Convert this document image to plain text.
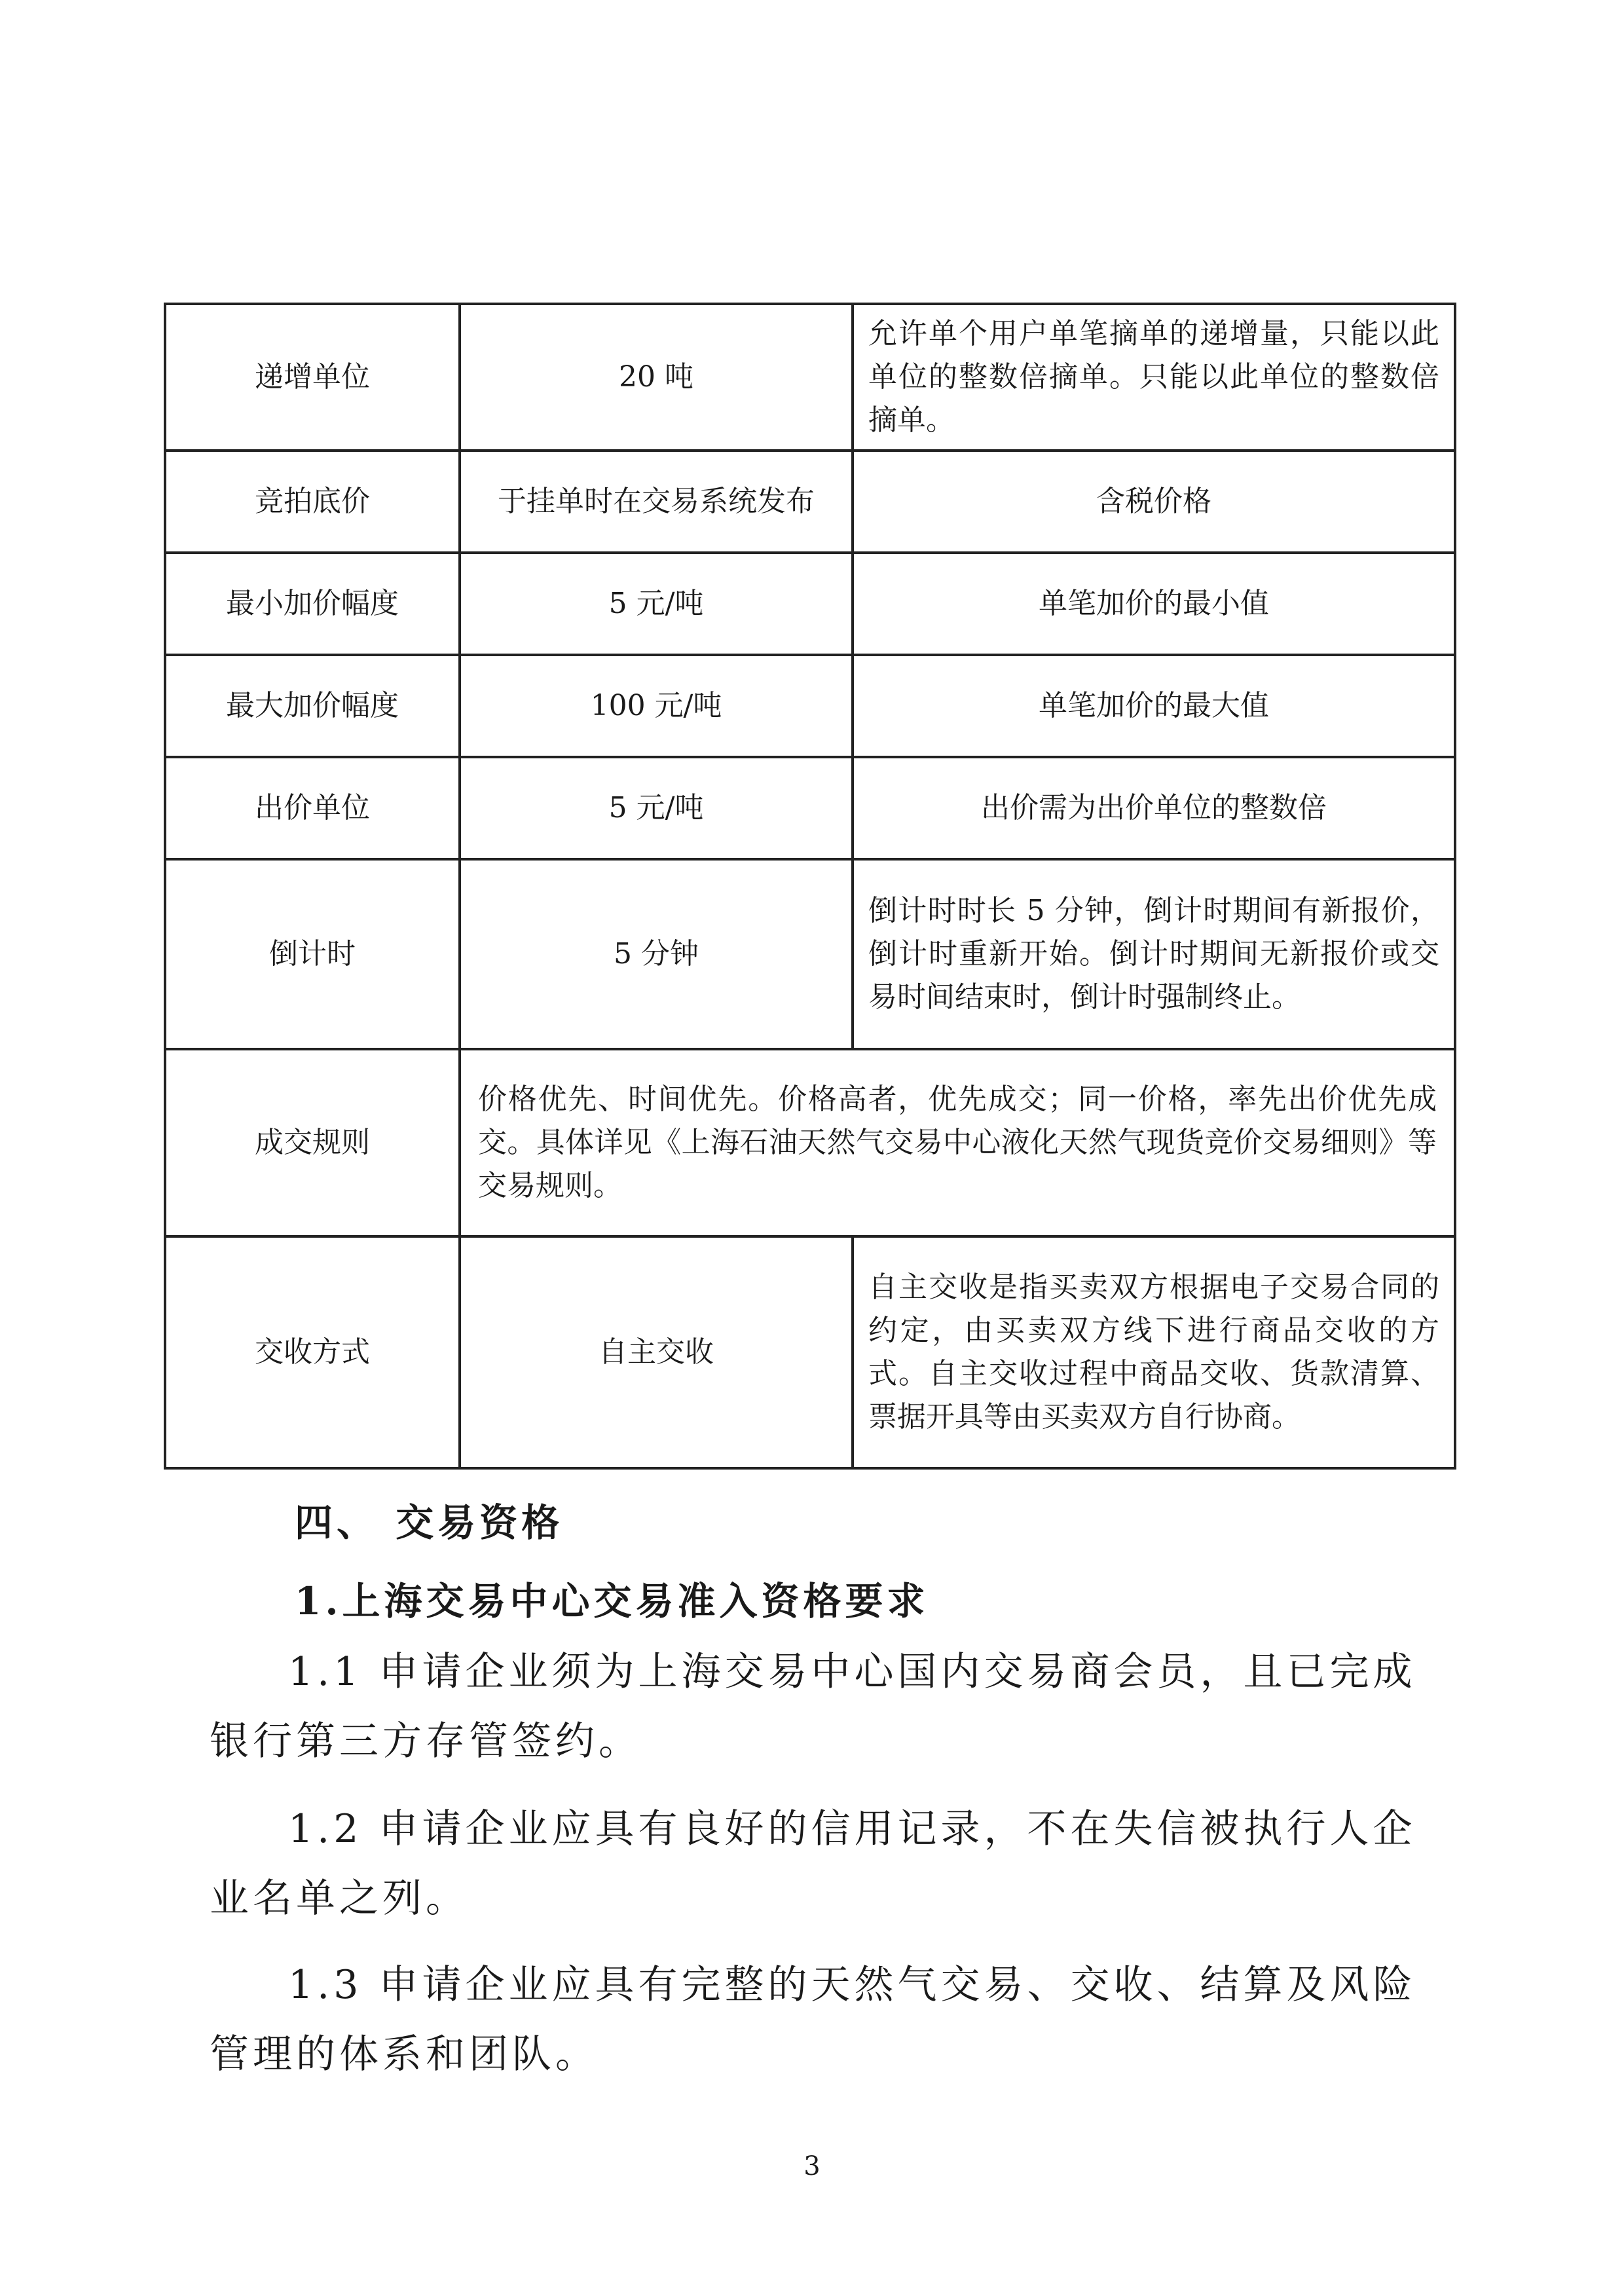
递增单位	20 吨	允许单个用户单笔摘单的递增量，只能以此单位的整数倍摘单。只能以此单位的整数倍摘单。
竞拍底价	于挂单时在交易系统发布	含税价格
最小加价幅度	5 元/吨	单笔加价的最小值
最大加价幅度	100 元/吨	单笔加价的最大值
出价单位	5 元/吨	出价需为出价单位的整数倍
倒计时	5 分钟	倒计时时长 5 分钟，倒计时期间有新报价，倒计时重新开始。倒计时期间无新报价或交易时间结束时，倒计时强制终止。
成交规则	价格优先、时间优先。价格高者，优先成交；同一价格，率先出价优先成交。具体详见《上海石油天然气交易中心液化天然气现货竞价交易细则》等交易规则。	
交收方式	自主交收	自主交收是指买卖双方根据电子交易合同的约定，由买卖双方线下进行商品交收的方式。自主交收过程中商品交收、货款清算、票据开具等由买卖双方自行协商。
四、 交易资格
1.上海交易中心交易准入资格要求
1.1 申请企业须为上海交易中心国内交易商会员，且已完成银行第三方存管签约。
1.2 申请企业应具有良好的信用记录，不在失信被执行人企业名单之列。
1.3 申请企业应具有完整的天然气交易、交收、结算及风险管理的体系和团队。
3
